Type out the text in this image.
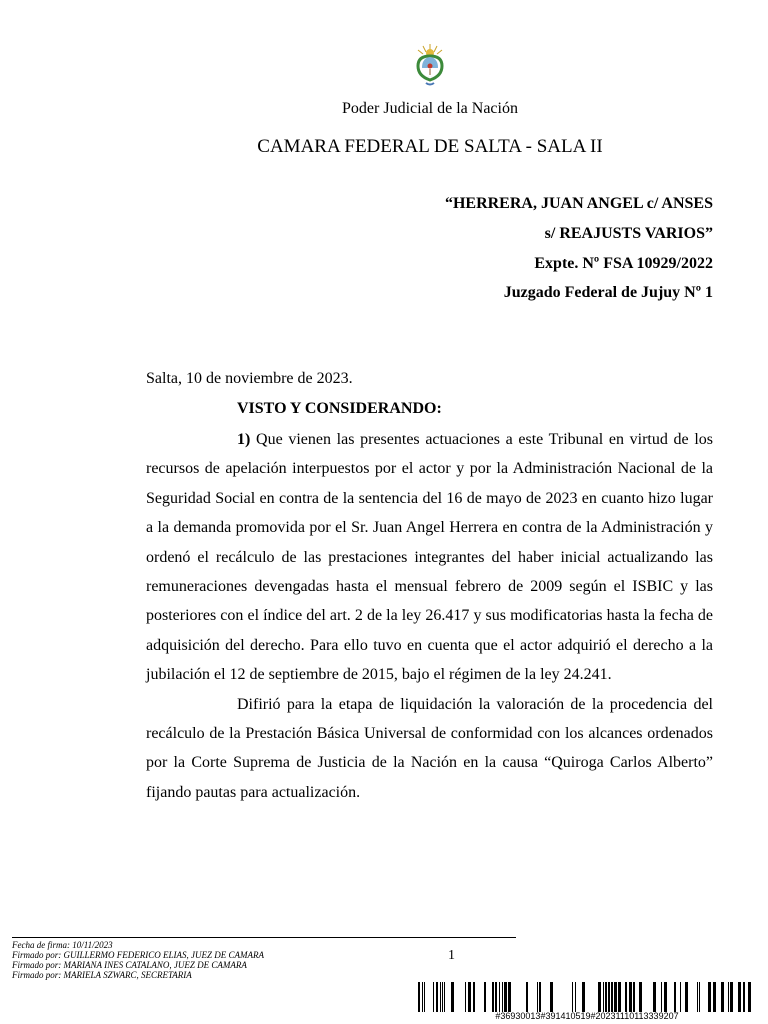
Poder Judicial de la Nación
CAMARA FEDERAL DE SALTA - SALA II
“HERRERA, JUAN ANGEL c/ ANSES
s/ REAJUSTS VARIOS”
Expte. Nº FSA 10929/2022
Juzgado Federal de Jujuy Nº 1
Salta, 10 de noviembre de 2023.
VISTO Y CONSIDERANDO:

1) Que vienen las presentes actuaciones a este Tribunal en virtud de los recursos de apelación interpuestos por el actor y por la Administración Nacional de la Seguridad Social en contra de la sentencia del 16 de mayo de 2023 en cuanto hizo lugar a la demanda promovida por el Sr. Juan Angel Herrera en contra de la Administración y ordenó el recálculo de las prestaciones integrantes del haber inicial actualizando las remuneraciones devengadas hasta el mensual febrero de 2009 según el ISBIC y las posteriores con el índice del art. 2 de la ley 26.417 y sus modificatorias hasta la fecha de adquisición del derecho. Para ello tuvo en cuenta que el actor adquirió el derecho a la jubilación el 12 de septiembre de 2015, bajo el régimen de la ley 24.241.

Difirió para la etapa de liquidación la valoración de la procedencia del recálculo de la Prestación Básica Universal de conformidad con los alcances ordenados por la Corte Suprema de Justicia de la Nación en la causa “Quiroga Carlos Alberto” fijando pautas para actualización.

Fecha de firma: 10/11/2023
Firmado por: GUILLERMO FEDERICO ELIAS, JUEZ DE CAMARA
Firmado por: MARIANA INES CATALANO, JUEZ DE CAMARA
Firmado por: MARIELA SZWARC, SECRETARIA
1
#36930013#391410519#20231110113339207
